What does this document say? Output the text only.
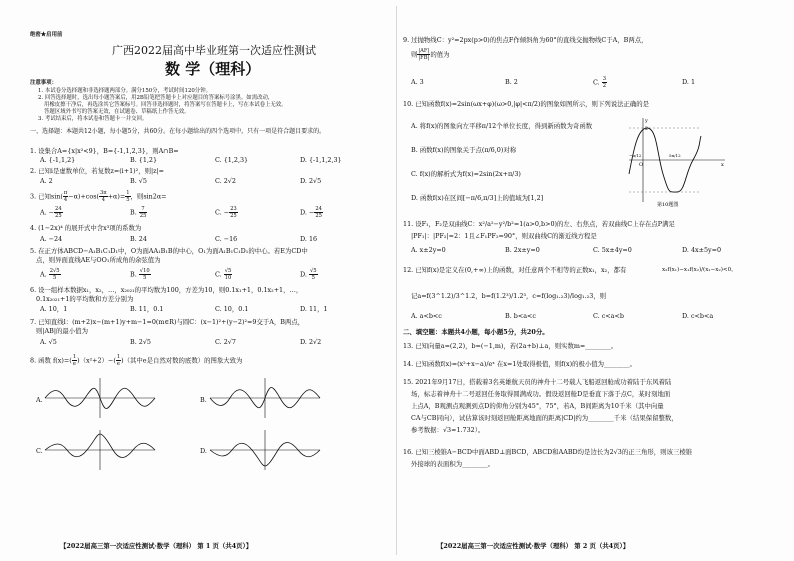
绝密★启用前
广西2022届高中毕业班第一次适应性测试
数 学（理科）
注意事项：
1. 本试卷分选择题和非选择题两部分。满分150分，考试时间120分钟。
2. 回答选择题时，选出每小题答案后，用2B铅笔把答题卡上对应题目的答案标号涂黑。如需改动，
用橡皮擦干净后，再选涂其它答案标号。回答非选择题时，将答案写在答题卡上，写在本试卷上无效。
答题区域外书写的答案无效，在试题卷、草稿纸上作答无效。
3. 考试结束后，将本试卷和答题卡一并交回。
一、选择题：本题共12小题，每小题5分，共60分。在每小题给出的四个选项中，只有一项是符合题目要求的。
1. 设集合A={x|x²<9}，B={-1,1,2,3}，则A∩B=
A. {-1,1,2}	B. {1,2}	C. {1,2,3}	D. {-1,1,2,3}
2. 已知i是虚数单位，若复数z=(i+1)²，则|z|=
A. 2	B. √5	C. 2√2	D. 2√5
3. 已知$\sin( \frac{\pi}{4} -\alpha)+\cos( \frac{3\pi}{4} +\alpha)= \frac{1}{5}$ ，则sin2α=
A. − $\frac{24}{25}$	B. $\frac{7}{25}$	C. − $\frac{23}{25}$	D. − $\frac{24}{25}$
4. (1−2x)⁴ 的展开式中含x³项的系数为
A. −24	B. 24	C. −16	D. 16
5. 在正方体ABCD−A₁B₁C₁D₁中，O为面AA₁B₁B的中心，O₁为面A₁B₁C₁D₁的中心。若E为CD中
点，则异面直线AE与OO₁所成角的余弦值为
A. $\frac{2√5}{5}$	B. $\frac{√10}{5}$	C. $\frac{√5}{10}$	D. $\frac{√5}{5}$
6. 设一组样本数据x₁，x₂，…，x₂₀₂₁的平均数为100，方差为10，则0.1x₁+1，0.1x₂+1，…，
0.1x₂₀₂₁+1的平均数和方差分别为
A. 10，1	B. 11，0.1	C. 10，0.1	D. 11，1
7. 已知直线l：(m+2)x−(m+1)y+m−1=0(m∈R)与圆C：(x−1)²+(y−2)²=9交于A，B两点，
则|AB|的最小值为
A. √5	B. 2√5	C. 2√7	D. 2√2
8. 函数 $f(x)=( \frac{1}{e} )(x^2+2)-( \frac{1}{e}$ )（其中e是自然对数的底数）的图象大致为
A.	B.
C.	D.
【2022届高三第一次适应性测试·数学（理科） 第 1 页（共4页）】
9. 过抛物线C：y²=2px(p>0)的焦点F作倾斜角为60°的直线交抛物线C于A，B两点，
则 $\frac{|AF|}{|FB|}$ 的值为
A. 3	B. 2	C. $\frac{3}{2}$	D. 1
10. 已知函数f(x)=2sin(ωx+φ)(ω>0,|φ|<π/2)的图象如图所示，则下列说法正确的是
A. 将f(x)的图象向左平移π/12个单位长度，得到新函数为奇函数
B. 函数f(x)的图象关于点(π/6,0)对称
C. f(x)的解析式为f(x)=2sin(2x+π/3)
D. 函数f(x)在区间[−π/6,π/3]上的值域为[1,2]
O	x
y
2
−π/12	5π/12
第10题图
11. 设F₁，F₂是双曲线C：x²/a²−y²/b²=1(a>0,b>0)的左、右焦点，若双曲线C上存在点P满足
|PF₁|：|PF₂|=2：1且∠F₁PF₂=90°，则双曲线C的渐近线方程是
A. x±2y=0	B. 2x±y=0	C. 5x±4y=0	D. 4x±5y=0
12. 已知f(x)是定义在(0,+∞)上的函数，对任意两个不相等的正数x₁，x₂，都有	x₂f(x₁)−x₁f(x₂)/(x₁−x₂)<0，
记a=f(3^1.2)/3^1.2，b=f(1.2³)/1.2³，c=f(log₁.₂3)/log₁.₂3，则
A. a<b<c	B. b<a<c	C. c<a<b	D. c<b<a
二、填空题：本题共4小题，每小题5分，共20分。
13. 已知向量a=(2,2)，b=(−1,m)，若(2a+b)⊥a，则实数m=________。
14. 已知函数f(x)=(x²+x−a)/eˣ 在x=1处取得极值，则f(x)的极小值为________。
15. 2021年9月17日，搭载着3名英雄航天员的神舟十二号载人飞船返回舱成功着陆于东风着陆
场，标志着神舟十二号返回任务取得圆满成功。假设返回舱D是垂直下落于点C，某时刻地面
上点A，B观测点观测到点D的仰角分别为45°，75°，若A，B间距离为10千米（其中向量
CA与CB同向），试估算该时刻返回舱距离地面的距离|CD|约为________千米（结果保留整数，
参考数据：√3≈1.732）。
16. 已知三棱锥A−BCD中面ABD⊥面BCD，ABCD和AABD均是边长为2√3的正三角形，则该三棱锥
外接球的表面积为________。
【2022届高三第一次适应性测试·数学（理科） 第 2 页（共4页）】
